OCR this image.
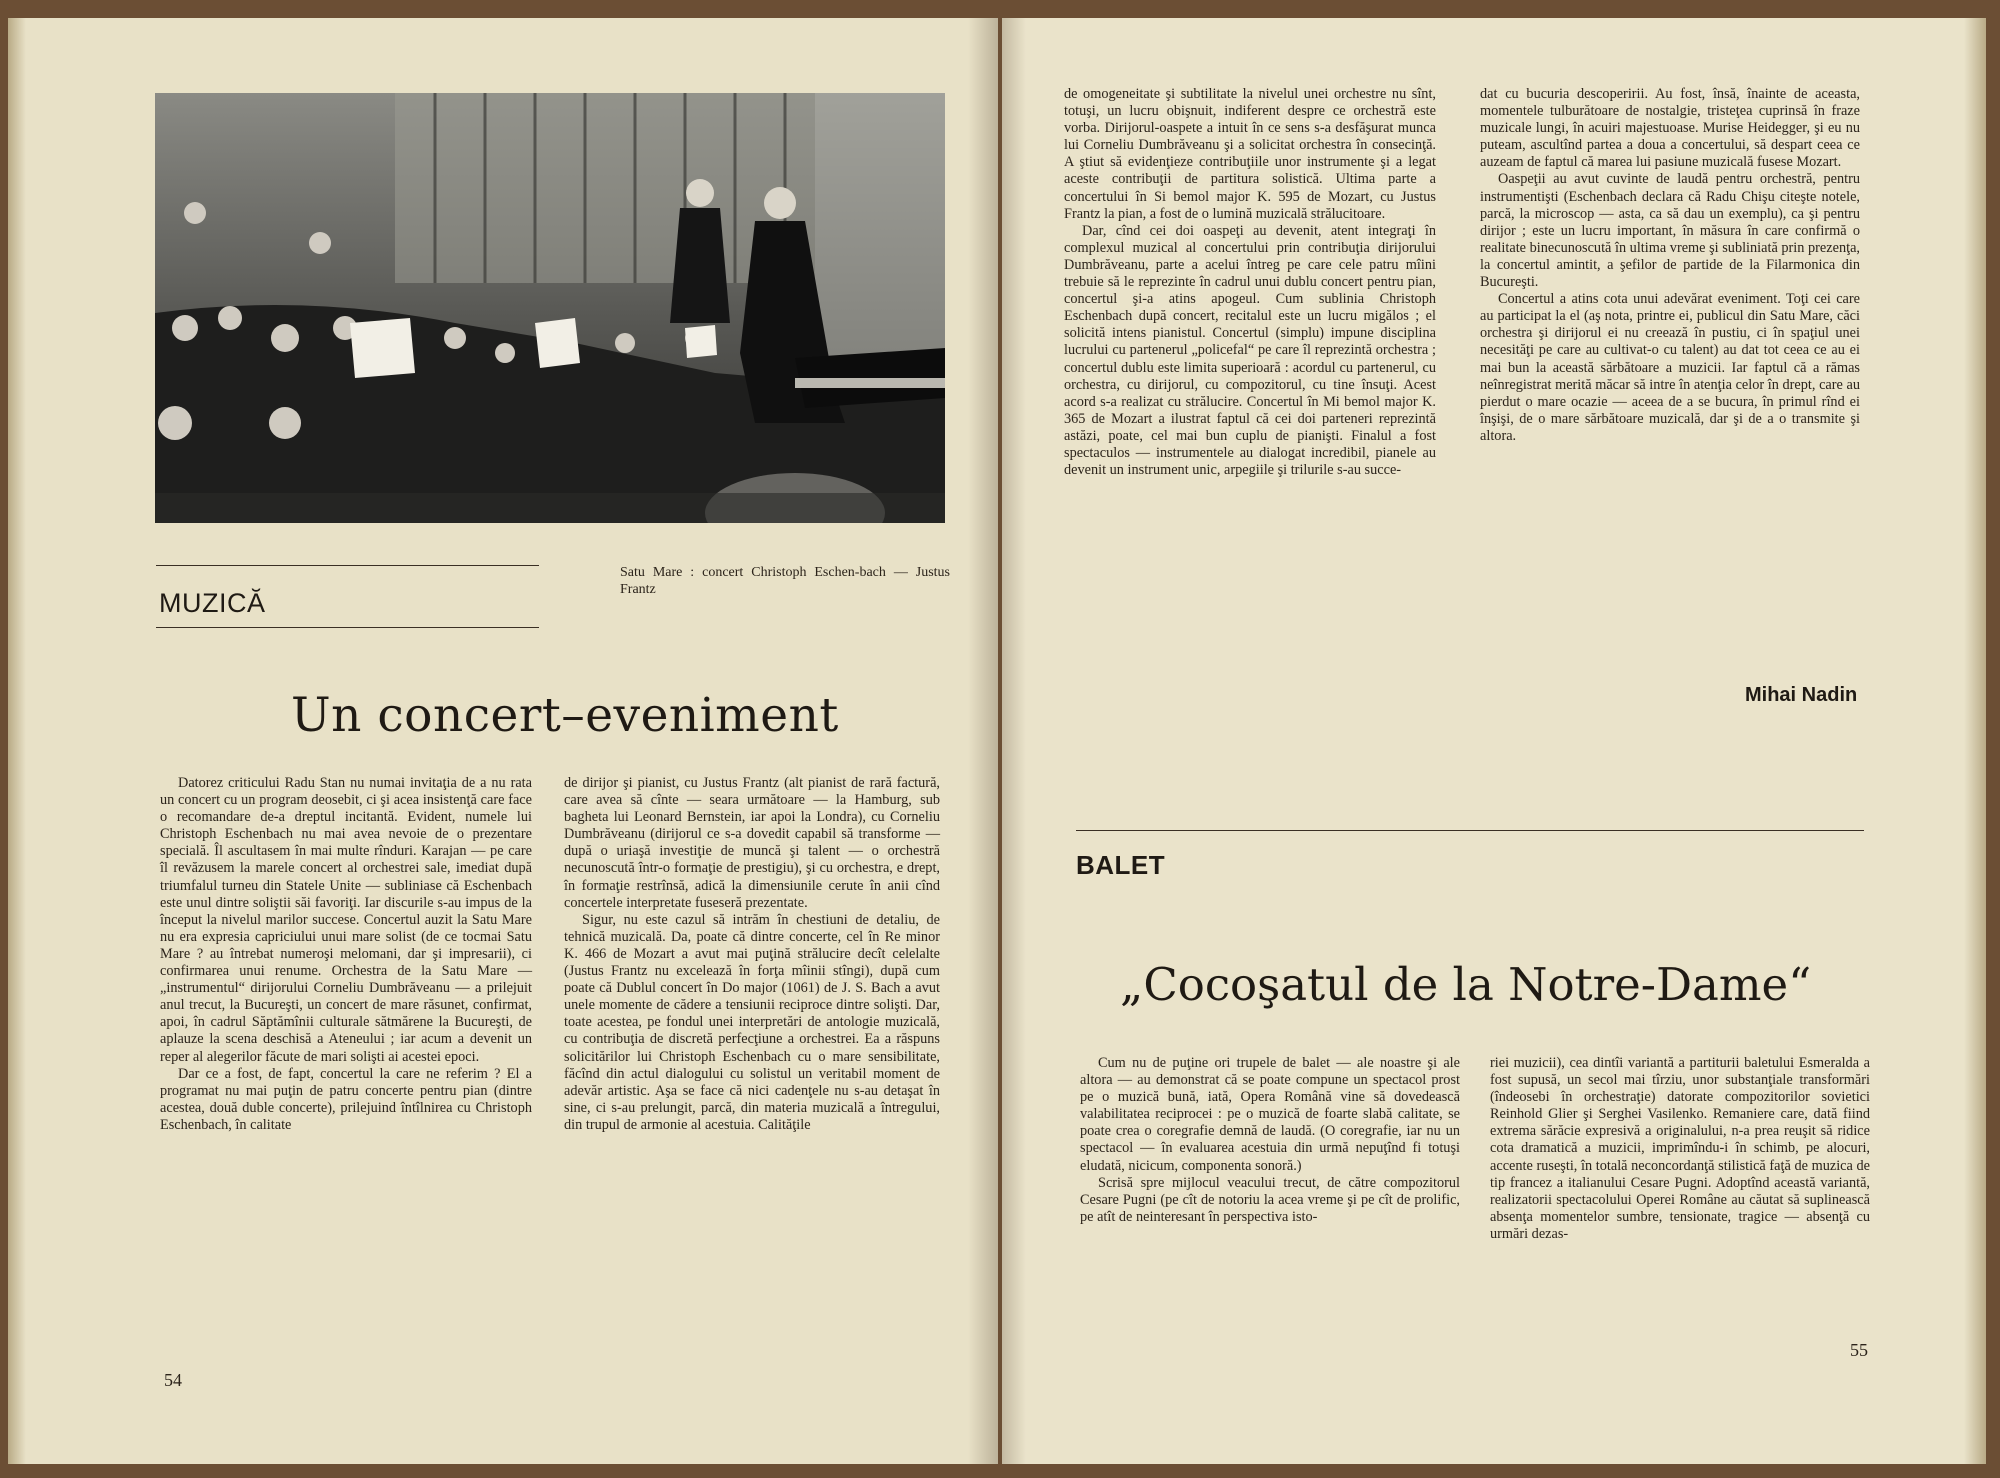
MUZICĂ
Satu Mare : concert Christoph Eschen-bach — Justus Frantz
Un concert–eveniment

Datorez criticului Radu Stan nu numai invitaţia de a nu rata un concert cu un program deosebit, ci şi acea insistenţă care face o recomandare de-a dreptul incitantă. Evident, numele lui Christoph Eschenbach nu mai avea nevoie de o prezentare specială. Îl ascultasem în mai multe rînduri. Karajan — pe care îl revăzusem la marele concert al orchestrei sale, imediat după triumfalul turneu din Statele Unite — subliniase că Eschenbach este unul dintre soliştii săi favoriţi. Iar discurile s-au impus de la început la nivelul marilor succese. Concertul auzit la Satu Mare nu era expresia capriciului unui mare solist (de ce tocmai Satu Mare ? au întrebat numeroşi melomani, dar şi impresarii), ci confirmarea unui renume. Orchestra de la Satu Mare — „instrumentul“ dirijorului Corneliu Dumbrăveanu — a prilejuit anul trecut, la Bucureşti, un concert de mare răsunet, confirmat, apoi, în cadrul Săptămînii culturale sătmărene la Bucureşti, de aplauze la scena deschisă a Ateneului ; iar acum a devenit un reper al alegerilor făcute de mari solişti ai acestei epoci.

Dar ce a fost, de fapt, concertul la care ne referim ? El a programat nu mai puţin de patru concerte pentru pian (dintre acestea, două duble concerte), prilejuind întîlnirea cu Christoph Eschenbach, în calitate

de dirijor şi pianist, cu Justus Frantz (alt pianist de rară factură, care avea să cînte — seara următoare — la Hamburg, sub bagheta lui Leonard Bernstein, iar apoi la Londra), cu Corneliu Dumbrăveanu (dirijorul ce s-a dovedit capabil să transforme — după o uriaşă investiţie de muncă şi talent — o orchestră necunoscută într-o formaţie de prestigiu), şi cu orchestra, e drept, în formaţie restrînsă, adică la dimensiunile cerute în anii cînd concertele interpretate fuseseră prezentate.

Sigur, nu este cazul să intrăm în chestiuni de detaliu, de tehnică muzicală. Da, poate că dintre concerte, cel în Re minor K. 466 de Mozart a avut mai puţină strălucire decît celelalte (Justus Frantz nu excelează în forţa mîinii stîngi), după cum poate că Dublul concert în Do major (1061) de J. S. Bach a avut unele momente de cădere a tensiunii reciproce dintre solişti. Dar, toate acestea, pe fondul unei interpretări de antologie muzicală, cu contribuţia de discretă perfecţiune a orchestrei. Ea a răspuns solicitărilor lui Christoph Eschenbach cu o mare sensibilitate, făcînd din actul dialogului cu solistul un veritabil moment de adevăr artistic. Aşa se face că nici cadenţele nu s-au detaşat în sine, ci s-au prelungit, parcă, din materia muzicală a întregului, din trupul de armonie al acestuia. Calităţile

54

de omogeneitate şi subtilitate la nivelul unei orchestre nu sînt, totuşi, un lucru obişnuit, indiferent despre ce orchestră este vorba. Dirijorul-oaspete a intuit în ce sens s-a desfăşurat munca lui Corneliu Dumbrăveanu şi a solicitat orchestra în consecinţă. A ştiut să evidenţieze contribuţiile unor instrumente şi a legat aceste contribuţii de partitura solistică. Ultima parte a concertului în Si bemol major K. 595 de Mozart, cu Justus Frantz la pian, a fost de o lumină muzicală strălucitoare.

Dar, cînd cei doi oaspeţi au devenit, atent integraţi în complexul muzical al concertului prin contribuţia dirijorului Dumbrăveanu, parte a acelui întreg pe care cele patru mîini trebuie să le reprezinte în cadrul unui dublu concert pentru pian, concertul şi-a atins apogeul. Cum sublinia Christoph Eschenbach după concert, recitalul este un lucru migălos ; el solicită intens pianistul. Concertul (simplu) impune disciplina lucrului cu partenerul „policefal“ pe care îl reprezintă orchestra ; concertul dublu este limita superioară : acordul cu partenerul, cu orchestra, cu dirijorul, cu compozitorul, cu tine însuţi. Acest acord s-a realizat cu strălucire. Concertul în Mi bemol major K. 365 de Mozart a ilustrat faptul că cei doi parteneri reprezintă astăzi, poate, cel mai bun cuplu de pianişti. Finalul a fost spectaculos — instrumentele au dialogat incredibil, pianele au devenit un instrument unic, arpegiile şi trilurile s-au succe-

dat cu bucuria descoperirii. Au fost, însă, înainte de aceasta, momentele tulburătoare de nostalgie, tristeţea cuprinsă în fraze muzicale lungi, în acuiri majestuoase. Murise Heidegger, şi eu nu puteam, ascultînd partea a doua a concertului, să despart ceea ce auzeam de faptul că marea lui pasiune muzicală fusese Mozart.

Oaspeţii au avut cuvinte de laudă pentru orchestră, pentru instrumentişti (Eschenbach declara că Radu Chişu citeşte notele, parcă, la microscop — asta, ca să dau un exemplu), ca şi pentru dirijor ; este un lucru important, în măsura în care confirmă o realitate binecunoscută în ultima vreme şi subliniată prin prezenţa, la concertul amintit, a şefilor de partide de la Filarmonica din Bucureşti.

Concertul a atins cota unui adevărat eveniment. Toţi cei care au participat la el (aş nota, printre ei, publicul din Satu Mare, căci orchestra şi dirijorul ei nu creează în pustiu, ci în spaţiul unei necesităţi pe care au cultivat-o cu talent) au dat tot ceea ce au ei mai bun la această sărbătoare a muzicii. Iar faptul că a rămas neînregistrat merită măcar să intre în atenţia celor în drept, care au pierdut o mare ocazie — aceea de a se bucura, în primul rînd ei înşişi, de o mare sărbătoare muzicală, dar şi de a o transmite şi altora.

Mihai Nadin
BALET
„Cocoşatul de la Notre-Dame“

Cum nu de puţine ori trupele de balet — ale noastre şi ale altora — au demonstrat că se poate compune un spectacol prost pe o muzică bună, iată, Opera Română vine să dovedească valabilitatea reciprocei : pe o muzică de foarte slabă calitate, se poate crea o coregrafie demnă de laudă. (O coregrafie, iar nu un spectacol — în evaluarea acestuia din urmă nepuţînd fi totuşi eludată, nicicum, componenta sonoră.)

Scrisă spre mijlocul veacului trecut, de către compozitorul Cesare Pugni (pe cît de notoriu la acea vreme şi pe cît de prolific, pe atît de neinteresant în perspectiva isto-

riei muzicii), cea dintîi variantă a partiturii baletului Esmeralda a fost supusă, un secol mai tîrziu, unor substanţiale transformări (îndeosebi în orchestraţie) datorate compozitorilor sovietici Reinhold Glier şi Serghei Vasilenko. Remaniere care, dată fiind extrema sărăcie expresivă a originalului, n-a prea reuşit să ridice cota dramatică a muzicii, imprimîndu-i în schimb, pe alocuri, accente ruseşti, în totală neconcordanţă stilistică faţă de muzica de tip francez a italianului Cesare Pugni. Adoptînd această variantă, realizatorii spectacolului Operei Române au căutat să suplinească absenţa momentelor sumbre, tensionate, tragice — absenţă cu urmări dezas-

55
